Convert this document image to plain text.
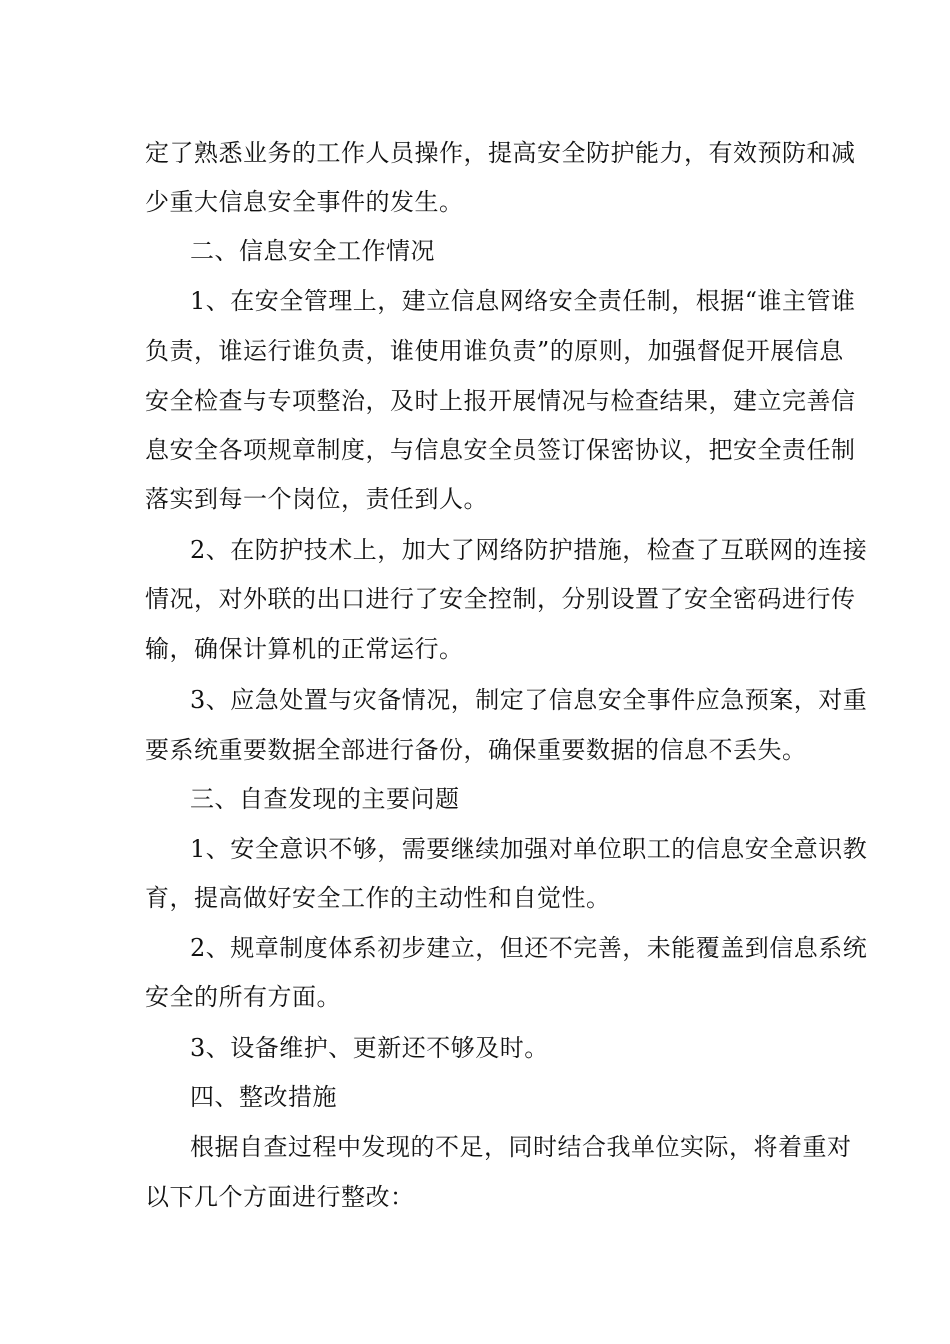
定了熟悉业务的工作人员操作，提高安全防护能力，有效预防和减

少重大信息安全事件的发生。

二、信息安全工作情况

1、在安全管理上，建立信息网络安全责任制，根据“谁主管谁

负责，谁运行谁负责，谁使用谁负责”的原则，加强督促开展信息

安全检查与专项整治，及时上报开展情况与检查结果，建立完善信

息安全各项规章制度，与信息安全员签订保密协议，把安全责任制

落实到每一个岗位，责任到人。

2、在防护技术上，加大了网络防护措施，检查了互联网的连接

情况，对外联的出口进行了安全控制，分别设置了安全密码进行传

输，确保计算机的正常运行。

3、应急处置与灾备情况，制定了信息安全事件应急预案，对重

要系统重要数据全部进行备份，确保重要数据的信息不丢失。

三、自查发现的主要问题

1、安全意识不够，需要继续加强对单位职工的信息安全意识教

育，提高做好安全工作的主动性和自觉性。

2、规章制度体系初步建立，但还不完善，未能覆盖到信息系统

安全的所有方面。

3、设备维护、更新还不够及时。

四、整改措施

根据自查过程中发现的不足，同时结合我单位实际，将着重对

以下几个方面进行整改：
